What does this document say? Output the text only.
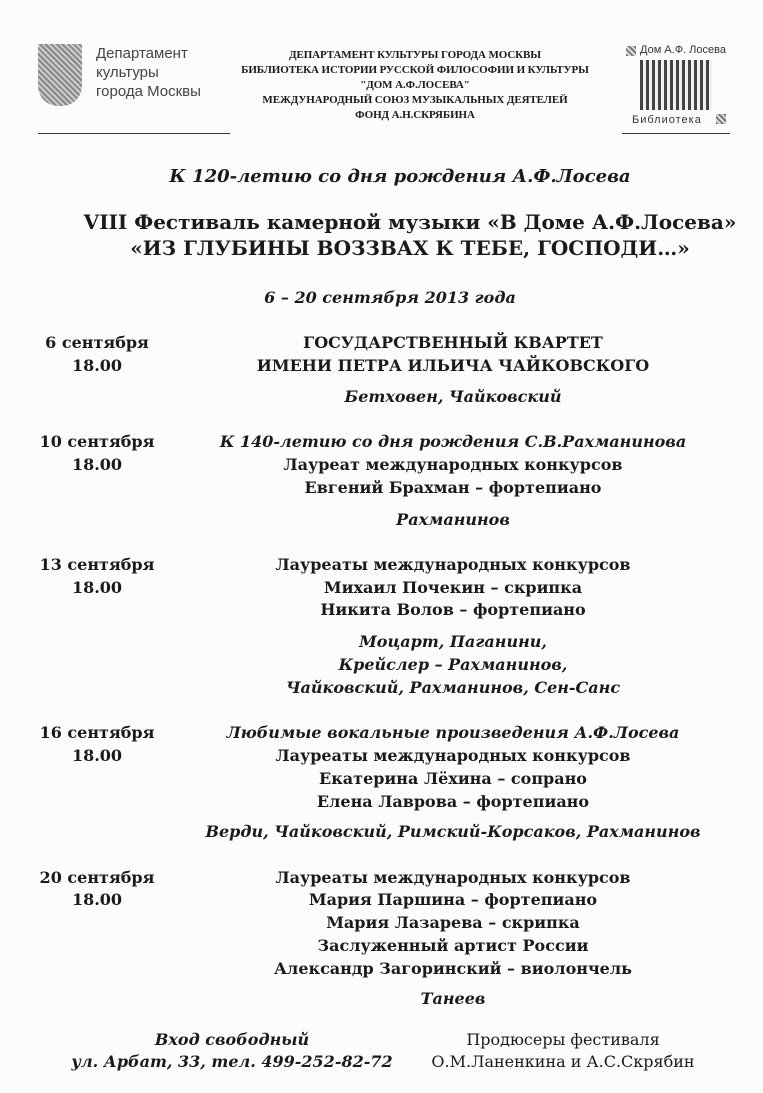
Департамент
культуры
города Москвы
ДЕПАРТАМЕНТ КУЛЬТУРЫ ГОРОДА МОСКВЫ
БИБЛИОТЕКА ИСТОРИИ РУССКОЙ ФИЛОСОФИИ И КУЛЬТУРЫ
"ДОМ А.Ф.ЛОСЕВА"
МЕЖДУНАРОДНЫЙ СОЮЗ МУЗЫКАЛЬНЫХ ДЕЯТЕЛЕЙ
ФОНД А.Н.СКРЯБИНА
Дом А.Ф. Лосева
Библиотека
К 120-летию со дня рождения А.Ф.Лосева
VIII Фестиваль камерной музыки «В Доме А.Ф.Лосева»
«ИЗ ГЛУБИНЫ ВОЗЗВАХ К ТЕБЕ, ГОСПОДИ…»
6 – 20 сентября 2013 года
6 сентября
18.00
ГОСУДАРСТВЕННЫЙ КВАРТЕТ
ИМЕНИ ПЕТРА ИЛЬИЧА ЧАЙКОВСКОГО
Бетховен, Чайковский
10 сентября
18.00
К 140-летию со дня рождения С.В.Рахманинова
Лауреат международных конкурсов
Евгений Брахман – фортепиано
Рахманинов
13 сентября
18.00
Лауреаты международных конкурсов
Михаил Почекин – скрипка
Никита Волов – фортепиано
Моцарт, Паганини,
Крейслер – Рахманинов,
Чайковский, Рахманинов, Сен-Санс
16 сентября
18.00
Любимые вокальные произведения А.Ф.Лосева
Лауреаты международных конкурсов
Екатерина Лёхина – сопрано
Елена Лаврова – фортепиано
Верди, Чайковский, Римский-Корсаков, Рахманинов
20 сентября
18.00
Лауреаты международных конкурсов
Мария Паршина – фортепиано
Мария Лазарева – скрипка
Заслуженный артист России
Александр Загоринский – виолончель
Танеев
Вход свободный
ул. Арбат, 33, тел. 499-252-82-72
Продюсеры фестиваля
О.М.Ланенкина и А.С.Скрябин
